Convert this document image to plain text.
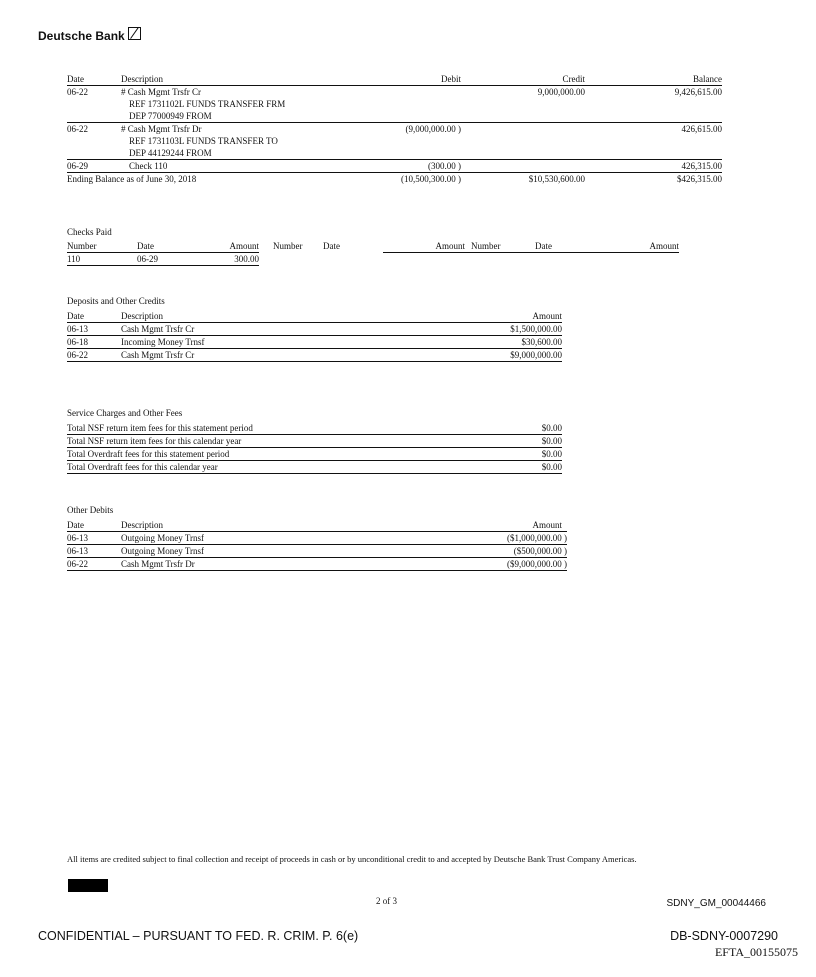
Deutsche Bank
Date	Description	Debit	Credit	Balance
06-22	# Cash Mgmt Trsfr Cr		9,000,000.00	9,426,615.00
	REF 1731102L FUNDS TRANSFER FRM			
	DEP 77000949 FROM			
06-22	# Cash Mgmt Trsfr Dr	(9,000,000.00 )		426,615.00
	REF 1731103L FUNDS TRANSFER TO			
	DEP 44129244 FROM			
06-29	Check 110	(300.00 )		426,315.00
Ending Balance as of June 30, 2018		(10,500,300.00 )	$10,530,600.00	$426,315.00
Checks Paid
Number	Date	Amount	Number	Date	Amount	Number	Date	Amount
110	06-29	300.00						
Deposits and Other Credits
Date	Description	Amount
06-13	Cash Mgmt Trsfr Cr	$1,500,000.00
06-18	Incoming Money Trnsf	$30,600.00
06-22	Cash Mgmt Trsfr Cr	$9,000,000.00
Service Charges and Other Fees
Total NSF return item fees for this statement period	$0.00
Total NSF return item fees for this calendar year	$0.00
Total Overdraft fees for this statement period	$0.00
Total Overdraft fees for this calendar year	$0.00
Other Debits
Date	Description	Amount
06-13	Outgoing Money Trnsf	($1,000,000.00 )
06-13	Outgoing Money Trnsf	($500,000.00 )
06-22	Cash Mgmt Trsfr Dr	($9,000,000.00 )
All items are credited subject to final collection and receipt of proceeds in cash or by unconditional credit to and accepted by Deutsche Bank Trust Company Americas.
2 of 3	SDNY_GM_00044466
CONFIDENTIAL – PURSUANT TO FED. R. CRIM. P. 6(e)	DB-SDNY-0007290
EFTA_00155075
